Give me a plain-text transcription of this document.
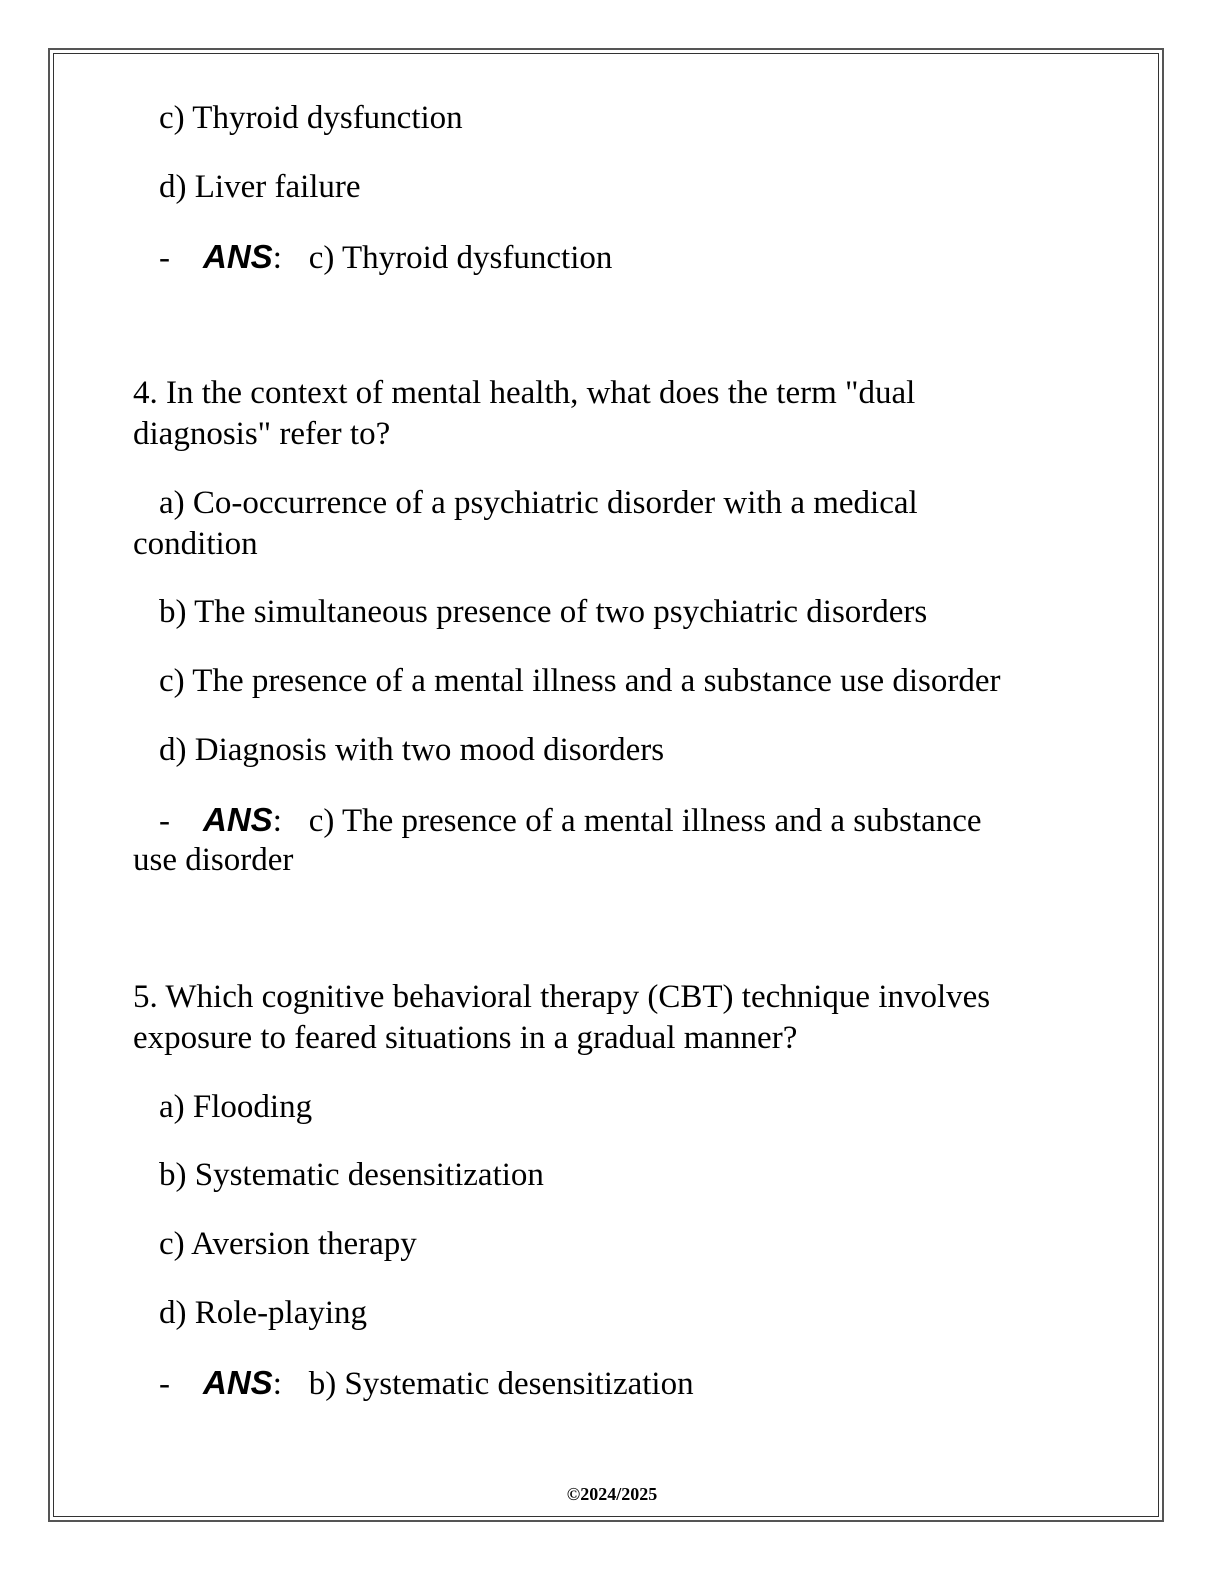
c) Thyroid dysfunction
d) Liver failure
- ANS: c) Thyroid dysfunction
4. In the context of mental health, what does the term "dual
diagnosis" refer to?
a) Co-occurrence of a psychiatric disorder with a medical
condition
b) The simultaneous presence of two psychiatric disorders
c) The presence of a mental illness and a substance use disorder
d) Diagnosis with two mood disorders
- ANS: c) The presence of a mental illness and a substance
use disorder
5. Which cognitive behavioral therapy (CBT) technique involves
exposure to feared situations in a gradual manner?
a) Flooding
b) Systematic desensitization
c) Aversion therapy
d) Role-playing
- ANS: b) Systematic desensitization
©2024/2025
